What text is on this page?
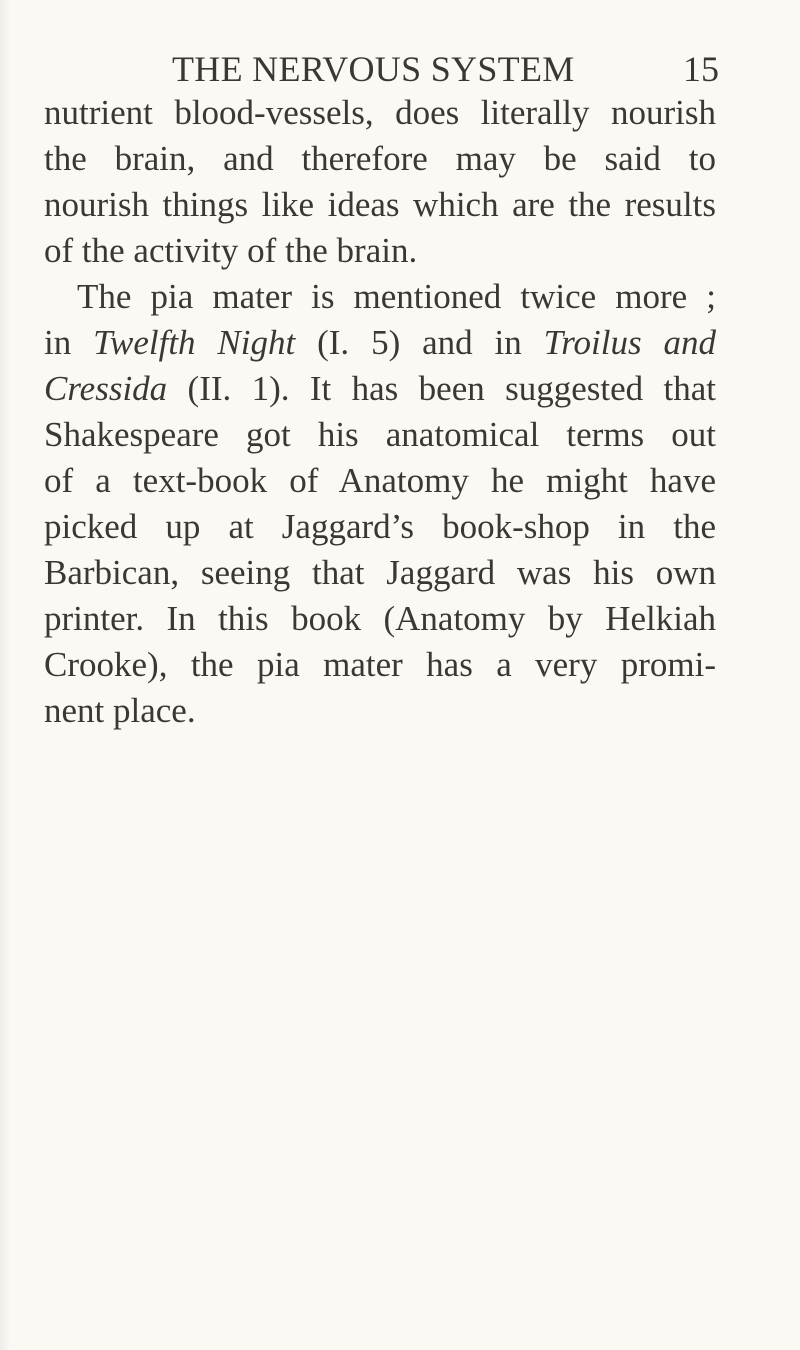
THE NERVOUS SYSTEM	15
nutrient blood-vessels, does literally nourish
the brain, and therefore may be said to
nourish things like ideas which are the results
of the activity of the brain.
The pia mater is mentioned twice more ;
in Twelfth Night (I. 5) and in Troilus and
Cressida (II. 1). It has been suggested that
Shakespeare got his anatomical terms out
of a text-book of Anatomy he might have
picked up at Jaggard’s book-shop in the
Barbican, seeing that Jaggard was his own
printer. In this book (Anatomy by Helkiah
Crooke), the pia mater has a very promi-
nent place.
